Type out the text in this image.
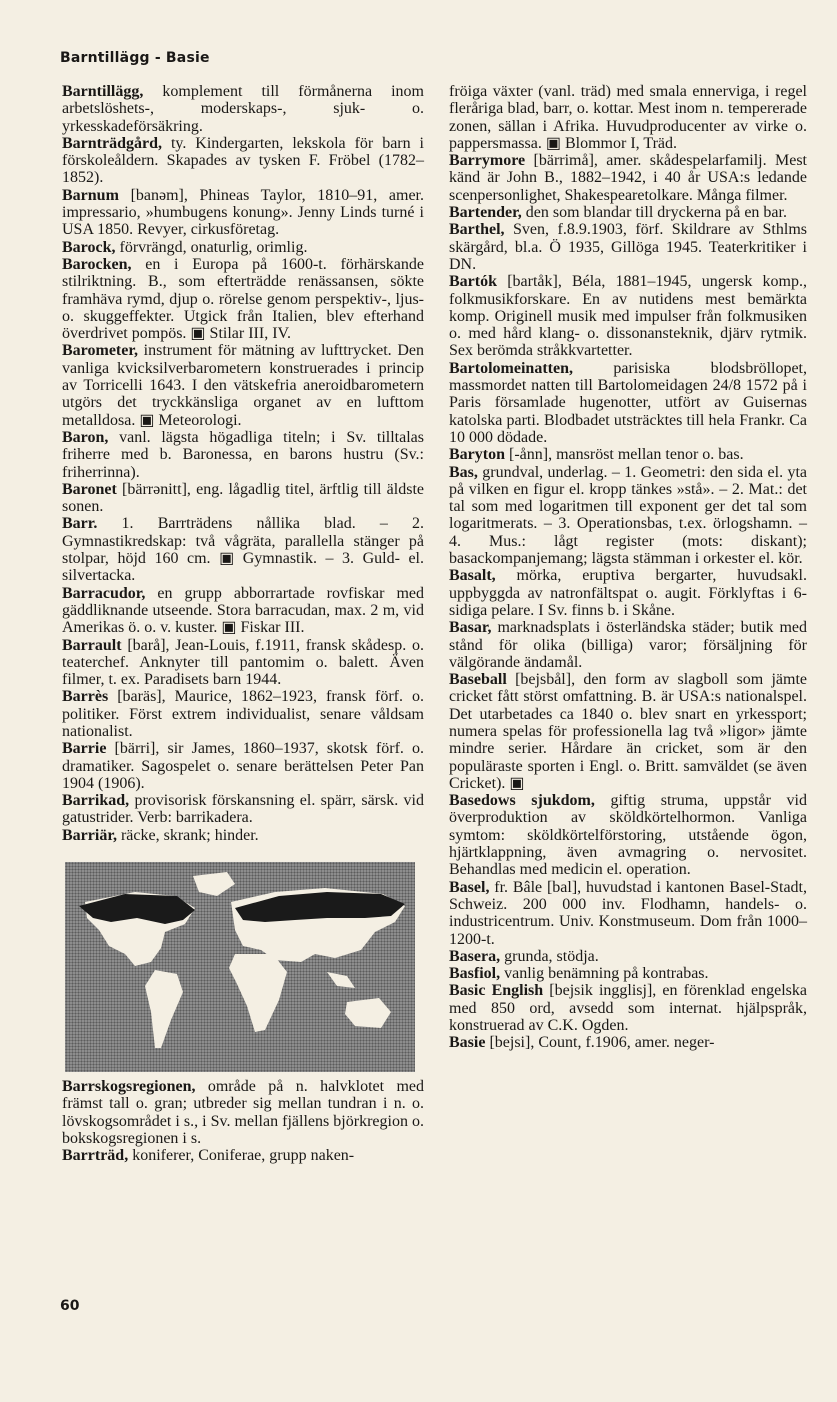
Barntillägg - Basie

Barntillägg, komplement till förmånerna inom arbetslöshets-, moderskaps-, sjuk- o. yrkesskadeförsäkring.

Barnträdgård, ty. Kindergarten, lekskola för barn i förskoleåldern. Skapades av tysken F. Fröbel (1782–1852).

Barnum [banəm], Phineas Taylor, 1810–91, amer. impressario, »humbugens konung». Jenny Linds turné i USA 1850. Revyer, cirkusföretag.

Barock, förvrängd, onaturlig, orimlig.

Barocken, en i Europa på 1600-t. förhärskande stilriktning. B., som efterträdde renässansen, sökte framhäva rymd, djup o. rörelse genom perspektiv-, ljus- o. skuggeffekter. Utgick från Italien, blev efterhand överdrivet pompös. ▣ Stilar III, IV.

Barometer, instrument för mätning av lufttrycket. Den vanliga kvicksilverbarometern konstruerades i princip av Torricelli 1643. I den vätskefria aneroidbarometern utgörs det tryckkänsliga organet av en lufttom metalldosa. ▣ Meteorologi.

Baron, vanl. lägsta högadliga titeln; i Sv. tilltalas friherre med b. Baronessa, en barons hustru (Sv.: friherrinna).

Baronet [bärrənitt], eng. lågadlig titel, ärftlig till äldste sonen.

Barr. 1. Barrträdens nållika blad. – 2. Gymnastikredskap: två vågräta, parallella stänger på stolpar, höjd 160 cm. ▣ Gymnastik. – 3. Guld- el. silvertacka.

Barracudor, en grupp abborrartade rovfiskar med gäddliknande utseende. Stora barracudan, max. 2 m, vid Amerikas ö. o. v. kuster. ▣ Fiskar III.

Barrault [barå], Jean-Louis, f.1911, fransk skådesp. o. teaterchef. Anknyter till pantomim o. balett. Även filmer, t. ex. Paradisets barn 1944.

Barrès [baräs], Maurice, 1862–1923, fransk förf. o. politiker. Först extrem individualist, senare våldsam nationalist.

Barrie [bärri], sir James, 1860–1937, skotsk förf. o. dramatiker. Sagospelet o. senare berättelsen Peter Pan 1904 (1906).

Barrikad, provisorisk förskansning el. spärr, särsk. vid gatustrider. Verb: barrikadera.

Barriär, räcke, skrank; hinder.

Barrskogsregionen, område på n. halvklotet med främst tall o. gran; utbreder sig mellan tundran i n. o. lövskogsområdet i s., i Sv. mellan fjällens björkregion o. bokskogsregionen i s.

Barrträd, koniferer, Coniferae, grupp naken-

fröiga växter (vanl. träd) med smala ennerviga, i regel fleråriga blad, barr, o. kottar. Mest inom n. tempererade zonen, sällan i Afrika. Huvudproducenter av virke o. pappersmassa. ▣ Blommor I, Träd.

Barrymore [bärrimå], amer. skådespelarfamilj. Mest känd är John B., 1882–1942, i 40 år USA:s ledande scenpersonlighet, Shakespearetolkare. Många filmer.

Bartender, den som blandar till dryckerna på en bar.

Barthel, Sven, f.8.9.1903, förf. Skildrare av Sthlms skärgård, bl.a. Ö 1935, Gillöga 1945. Teaterkritiker i DN.

Bartók [bartåk], Béla, 1881–1945, ungersk komp., folkmusikforskare. En av nutidens mest bemärkta komp. Originell musik med impulser från folkmusiken o. med hård klang- o. dissonansteknik, djärv rytmik. Sex berömda stråkkvartetter.

Bartolomeinatten, parisiska blodsbröllopet, massmordet natten till Bartolomeidagen 24/8 1572 på i Paris församlade hugenotter, utfört av Guisernas katolska parti. Blodbadet utsträcktes till hela Frankr. Ca 10 000 dödade.

Baryton [-ånn], mansröst mellan tenor o. bas.

Bas, grundval, underlag. – 1. Geometri: den sida el. yta på vilken en figur el. kropp tänkes »stå». – 2. Mat.: det tal som med logaritmen till exponent ger det tal som logaritmerats. – 3. Operationsbas, t.ex. örlogshamn. – 4. Mus.: lågt register (mots: diskant); basackompanjemang; lägsta stämman i orkester el. kör.

Basalt, mörka, eruptiva bergarter, huvudsakl. uppbyggda av natronfältspat o. augit. Förklyftas i 6-sidiga pelare. I Sv. finns b. i Skåne.

Basar, marknadsplats i österländska städer; butik med stånd för olika (billiga) varor; försäljning för välgörande ändamål.

Baseball [bejsbål], den form av slagboll som jämte cricket fått störst omfattning. B. är USA:s nationalspel. Det utarbetades ca 1840 o. blev snart en yrkessport; numera spelas för professionella lag två »ligor» jämte mindre serier. Hårdare än cricket, som är den populäraste sporten i Engl. o. Britt. samväldet (se även Cricket). ▣

Basedows sjukdom, giftig struma, uppstår vid överproduktion av sköldkörtelhormon. Vanliga symtom: sköldkörtelförstoring, utstående ögon, hjärtklappning, även avmagring o. nervositet. Behandlas med medicin el. operation.

Basel, fr. Bâle [bal], huvudstad i kantonen Basel-Stadt, Schweiz. 200 000 inv. Flodhamn, handels- o. industricentrum. Univ. Konstmuseum. Dom från 1000–1200-t.

Basera, grunda, stödja.

Basfiol, vanlig benämning på kontrabas.

Basic English [bejsik ingglisj], en förenklad engelska med 850 ord, avsedd som internat. hjälpspråk, konstruerad av C.K. Ogden.

Basie [bejsi], Count, f.1906, amer. neger-

60
